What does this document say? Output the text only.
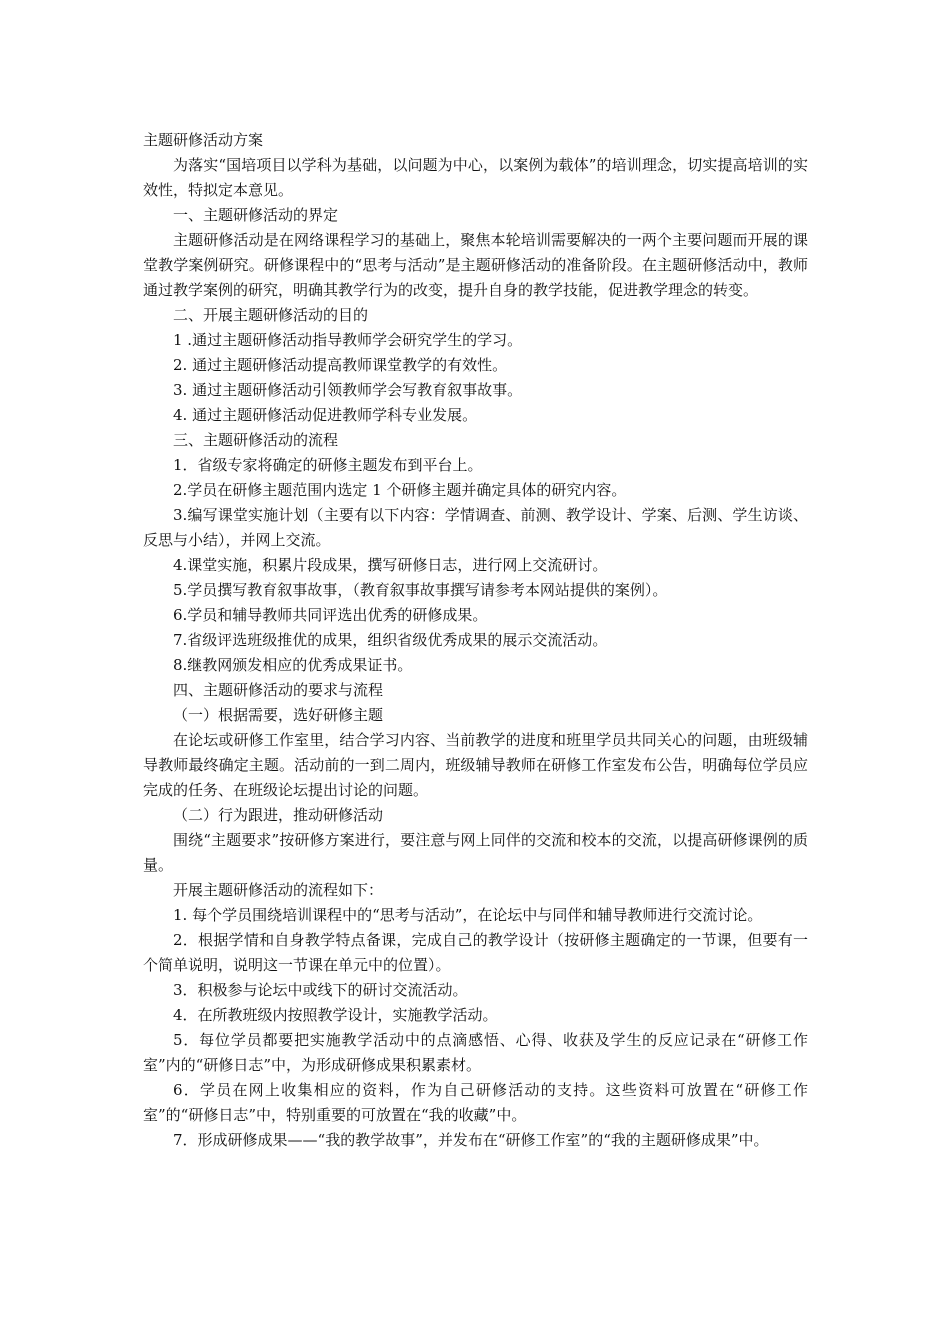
主题研修活动方案

为落实“国培项目以学科为基础，以问题为中心，以案例为载体”的培训理念，切实提高培训的实效性，特拟定本意见。

一、主题研修活动的界定

主题研修活动是在网络课程学习的基础上，聚焦本轮培训需要解决的一两个主要问题而开展的课堂教学案例研究。研修课程中的“思考与活动”是主题研修活动的准备阶段。在主题研修活动中，教师通过教学案例的研究，明确其教学行为的改变，提升自身的教学技能，促进教学理念的转变。

二、开展主题研修活动的目的

1 .通过主题研修活动指导教师学会研究学生的学习。

2. 通过主题研修活动提高教师课堂教学的有效性。

3. 通过主题研修活动引领教师学会写教育叙事故事。

4. 通过主题研修活动促进教师学科专业发展。

三、主题研修活动的流程

1．省级专家将确定的研修主题发布到平台上。

2.学员在研修主题范围内选定 1 个研修主题并确定具体的研究内容。

3.编写课堂实施计划（主要有以下内容：学情调查、前测、教学设计、学案、后测、学生访谈、反思与小结），并网上交流。

4.课堂实施，积累片段成果，撰写研修日志，进行网上交流研讨。

5.学员撰写教育叙事故事，（教育叙事故事撰写请参考本网站提供的案例）。

6.学员和辅导教师共同评选出优秀的研修成果。

7.省级评选班级推优的成果，组织省级优秀成果的展示交流活动。

8.继教网颁发相应的优秀成果证书。

四、主题研修活动的要求与流程

（一）根据需要，选好研修主题

在论坛或研修工作室里，结合学习内容、当前教学的进度和班里学员共同关心的问题，由班级辅导教师最终确定主题。活动前的一到二周内，班级辅导教师在研修工作室发布公告，明确每位学员应完成的任务、在班级论坛提出讨论的问题。

（二）行为跟进，推动研修活动

围绕“主题要求”按研修方案进行，要注意与网上同伴的交流和校本的交流，以提高研修课例的质量。

开展主题研修活动的流程如下：

1. 每个学员围绕培训课程中的“思考与活动”，在论坛中与同伴和辅导教师进行交流讨论。

2．根据学情和自身教学特点备课，完成自己的教学设计（按研修主题确定的一节课，但要有一个简单说明，说明这一节课在单元中的位置）。

3．积极参与论坛中或线下的研讨交流活动。

4．在所教班级内按照教学设计，实施教学活动。

5．每位学员都要把实施教学活动中的点滴感悟、心得、收获及学生的反应记录在“研修工作室”内的“研修日志”中，为形成研修成果积累素材。

6．学员在网上收集相应的资料，作为自己研修活动的支持。这些资料可放置在“研修工作室”的“研修日志”中，特别重要的可放置在“我的收藏”中。

7．形成研修成果——“我的教学故事”，并发布在“研修工作室”的“我的主题研修成果”中。
